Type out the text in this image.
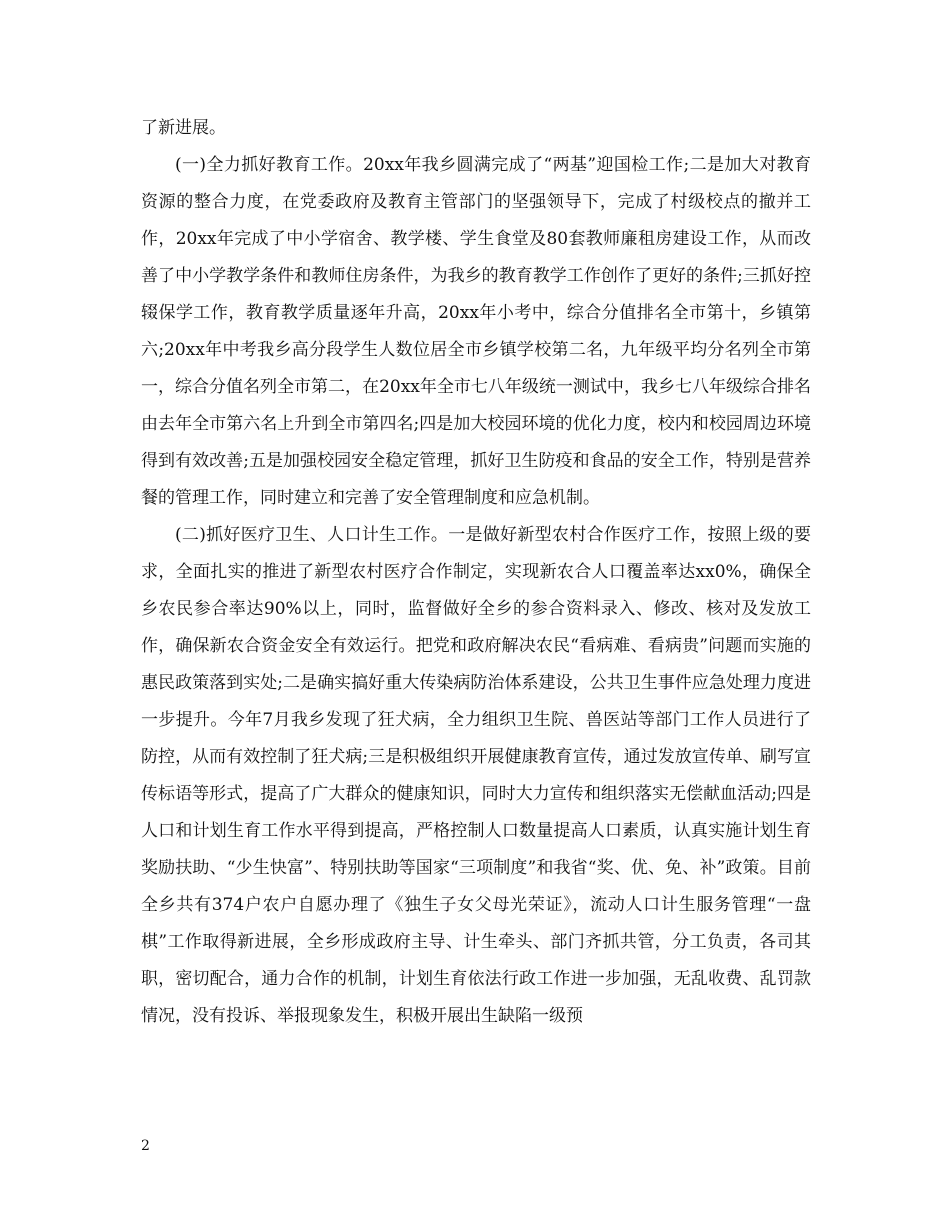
了新进展。

(一)全力抓好教育工作。20xx年我乡圆满完成了“两基”迎国检工作;二是加大对教育资源的整合力度，在党委政府及教育主管部门的坚强领导下，完成了村级校点的撤并工作，20xx年完成了中小学宿舍、教学楼、学生食堂及80套教师廉租房建设工作，从而改善了中小学教学条件和教师住房条件，为我乡的教育教学工作创作了更好的条件;三抓好控辍保学工作，教育教学质量逐年升高，20xx年小考中，综合分值排名全市第十，乡镇第六;20xx年中考我乡高分段学生人数位居全市乡镇学校第二名，九年级平均分名列全市第一，综合分值名列全市第二，在20xx年全市七八年级统一测试中，我乡七八年级综合排名由去年全市第六名上升到全市第四名;四是加大校园环境的优化力度，校内和校园周边环境得到有效改善;五是加强校园安全稳定管理，抓好卫生防疫和食品的安全工作，特别是营养餐的管理工作，同时建立和完善了安全管理制度和应急机制。

(二)抓好医疗卫生、人口计生工作。一是做好新型农村合作医疗工作，按照上级的要求，全面扎实的推进了新型农村医疗合作制定，实现新农合人口覆盖率达xx0%，确保全乡农民参合率达90%以上，同时，监督做好全乡的参合资料录入、修改、核对及发放工作，确保新农合资金安全有效运行。把党和政府解决农民“看病难、看病贵”问题而实施的惠民政策落到实处;二是确实搞好重大传染病防治体系建设，公共卫生事件应急处理力度进一步提升。今年7月我乡发现了狂犬病，全力组织卫生院、兽医站等部门工作人员进行了防控，从而有效控制了狂犬病;三是积极组织开展健康教育宣传，通过发放宣传单、刷写宣传标语等形式，提高了广大群众的健康知识，同时大力宣传和组织落实无偿献血活动;四是人口和计划生育工作水平得到提高，严格控制人口数量提高人口素质，认真实施计划生育奖励扶助、“少生快富”、特别扶助等国家“三项制度”和我省“奖、优、免、补”政策。目前全乡共有374户农户自愿办理了《独生子女父母光荣证》，流动人口计生服务管理“一盘棋”工作取得新进展，全乡形成政府主导、计生牵头、部门齐抓共管，分工负责，各司其职，密切配合，通力合作的机制，计划生育依法行政工作进一步加强，无乱收费、乱罚款情况，没有投诉、举报现象发生，积极开展出生缺陷一级预

2
